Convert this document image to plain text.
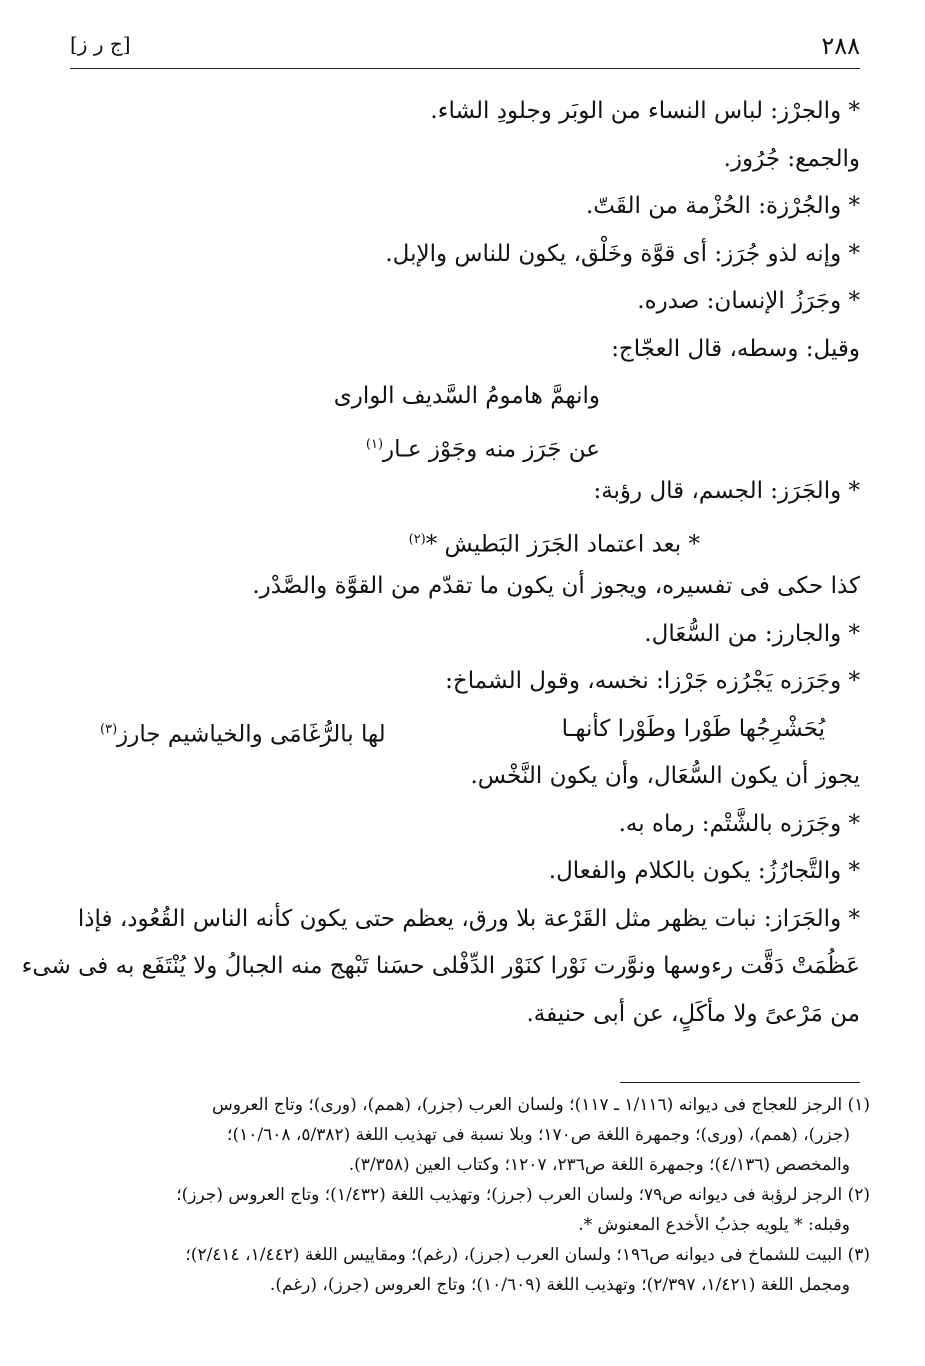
٢٨٨
[ج ر ز]
* والجرْز: لباس النساء من الوبَر وجلودِ الشاء.
والجمع: جُرُوز.
* والجُرْزة: الحُزْمة من القَتّ.
* وإنه لذو جُرَز: أى قوَّة وخَلْق، يكون للناس والإبل.
* وجَرَزُ الإنسان: صدره.
وقيل: وسطه، قال العجّاج:
وانهمَّ هامومُ السَّديف الوارى
عن جَرَز منه وجَوْز عـار$^{(١)}$
* والجَرَز: الجسم، قال رؤبة:
* بعد اعتماد الجَرَز البَطيش *$^{(٢)}$
كذا حكى فى تفسيره، ويجوز أن يكون ما تقدّم من القوَّة والصَّدْر.
* والجارز: من السُّعَال.
* وجَرَزه يَجْرُزه جَرْزا: نخسه، وقول الشماخ:
يُحَشْرِجُها طَوْرا وطَوْرا كأنهـا
لها بالرُّغَامَى والخياشيم جارز$^{(٣)}$
يجوز أن يكون السُّعَال، وأن يكون النَّخْس.
* وجَرَزه بالشَّتْم: رماه به.
* والتَّجارُزُ: يكون بالكلام والفعال.
* والجَرَاز: نبات يظهر مثل القَرْعة بلا ورق، يعظم حتى يكون كأنه الناس القُعُود، فإذا
عَظُمَتْ دَقَّت رءوسها ونوَّرت نَوْرا كنَوْر الدِّفْلى حسَنا تَبْهج منه الجبالُ ولا يُنْتَفَع به فى شىء
من مَرْعىً ولا مأكَلٍ، عن أبى حنيفة.
(١) الرجز للعجاج فى ديوانه (١/١١٦ ـ ١١٧)؛ ولسان العرب (جزر)، (همم)، (ورى)؛ وتاج العروس
(جزر)، (همم)، (ورى)؛ وجمهرة اللغة ص١٧٠؛ وبلا نسبة فى تهذيب اللغة (٥/٣٨٢، ١٠/٦٠٨)؛
والمخصص (٤/١٣٦)؛ وجمهرة اللغة ص٢٣٦، ١٢٠٧؛ وكتاب العين (٣/٣٥٨).
(٢) الرجز لرؤبة فى ديوانه ص٧٩؛ ولسان العرب (جرز)؛ وتهذيب اللغة (١/٤٣٢)؛ وتاج العروس (جرز)؛
وقبله: * يلويه جذبُ الأخدع المعنوش *.
(٣) البيت للشماخ فى ديوانه ص١٩٦؛ ولسان العرب (جرز)، (رغم)؛ ومقاييس اللغة (١/٤٤٢، ٢/٤١٤)؛
ومجمل اللغة (١/٤٢١، ٢/٣٩٧)؛ وتهذيب اللغة (١٠/٦٠٩)؛ وتاج العروس (جرز)، (رغم).
